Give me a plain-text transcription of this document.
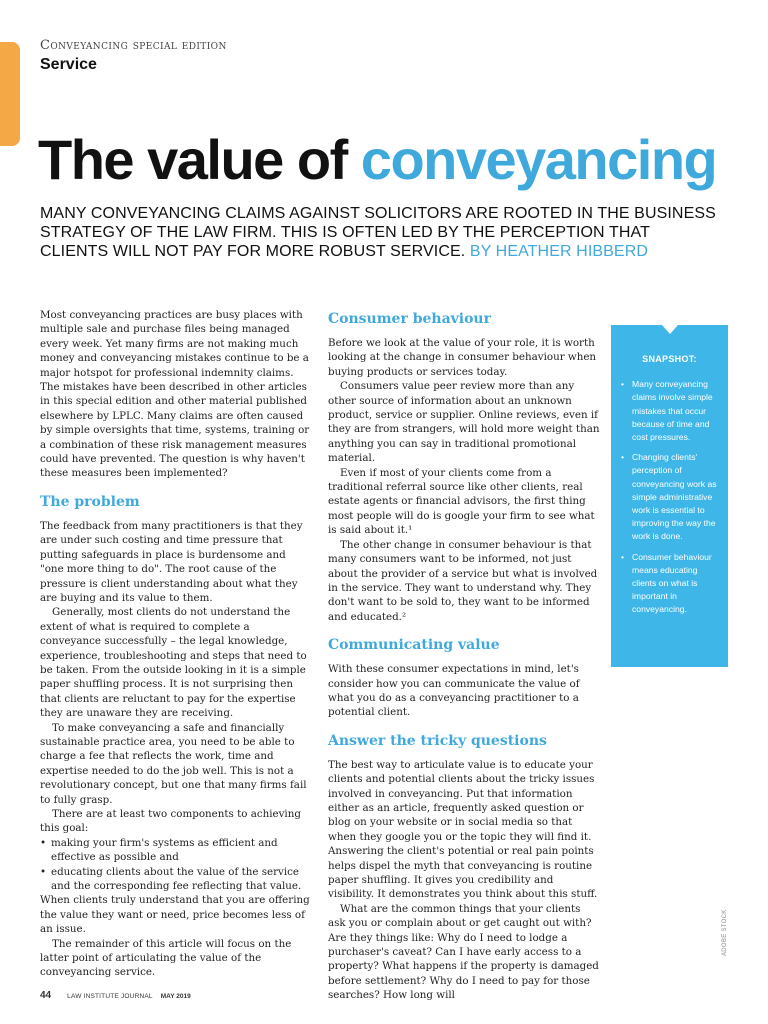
Conveyancing special edition
Service
The value of conveyancing

MANY CONVEYANCING CLAIMS AGAINST SOLICITORS ARE ROOTED IN THE BUSINESS STRATEGY OF THE LAW FIRM. THIS IS OFTEN LED BY THE PERCEPTION THAT CLIENTS WILL NOT PAY FOR MORE ROBUST SERVICE. BY HEATHER HIBBERD

Most conveyancing practices are busy places with multiple sale and purchase files being managed every week. Yet many firms are not making much money and conveyancing mistakes continue to be a major hotspot for professional indemnity claims. The mistakes have been described in other articles in this special edition and other material published elsewhere by LPLC. Many claims are often caused by simple oversights that time, systems, training or a combination of these risk management measures could have prevented. The question is why haven't these measures been implemented?

The problem

The feedback from many practitioners is that they are under such costing and time pressure that putting safeguards in place is burdensome and "one more thing to do". The root cause of the pressure is client understanding about what they are buying and its value to them.

Generally, most clients do not understand the extent of what is required to complete a conveyance successfully – the legal knowledge, experience, troubleshooting and steps that need to be taken. From the outside looking in it is a simple paper shuffling process. It is not surprising then that clients are reluctant to pay for the expertise they are unaware they are receiving.

To make conveyancing a safe and financially sustainable practice area, you need to be able to charge a fee that reflects the work, time and expertise needed to do the job well. This is not a revolutionary concept, but one that many firms fail to fully grasp.

There are at least two components to achieving this goal:

• making your firm's systems as efficient and effective as possible and
• educating clients about the value of the service and the corresponding fee reflecting that value.

When clients truly understand that you are offering the value they want or need, price becomes less of an issue.

The remainder of this article will focus on the latter point of articulating the value of the conveyancing service.

Consumer behaviour

Before we look at the value of your role, it is worth looking at the change in consumer behaviour when buying products or services today.

Consumers value peer review more than any other source of information about an unknown product, service or supplier. Online reviews, even if they are from strangers, will hold more weight than anything you can say in traditional promotional material.

Even if most of your clients come from a traditional referral source like other clients, real estate agents or financial advisors, the first thing most people will do is google your firm to see what is said about it.¹

The other change in consumer behaviour is that many consumers want to be informed, not just about the provider of a service but what is involved in the service. They want to understand why. They don't want to be sold to, they want to be informed and educated.²

Communicating value

With these consumer expectations in mind, let's consider how you can communicate the value of what you do as a conveyancing practitioner to a potential client.

Answer the tricky questions

The best way to articulate value is to educate your clients and potential clients about the tricky issues involved in conveyancing. Put that information either as an article, frequently asked question or blog on your website or in social media so that when they google you or the topic they will find it. Answering the client's potential or real pain points helps dispel the myth that conveyancing is routine paper shuffling. It gives you credibility and visibility. It demonstrates you think about this stuff.

What are the common things that your clients ask you or complain about or get caught out with? Are they things like: Why do I need to lodge a purchaser's caveat? Can I have early access to a property? What happens if the property is damaged before settlement? Why do I need to pay for those searches? How long will

SNAPSHOT:
• Many conveyancing claims involve simple mistakes that occur because of time and cost pressures.
• Changing clients' perception of conveyancing work as simple administrative work is essential to improving the way the work is done.
• Consumer behaviour means educating clients on what is important in conveyancing.
ADOBE STOCK
44 LAW INSTITUTE JOURNAL MAY 2019
